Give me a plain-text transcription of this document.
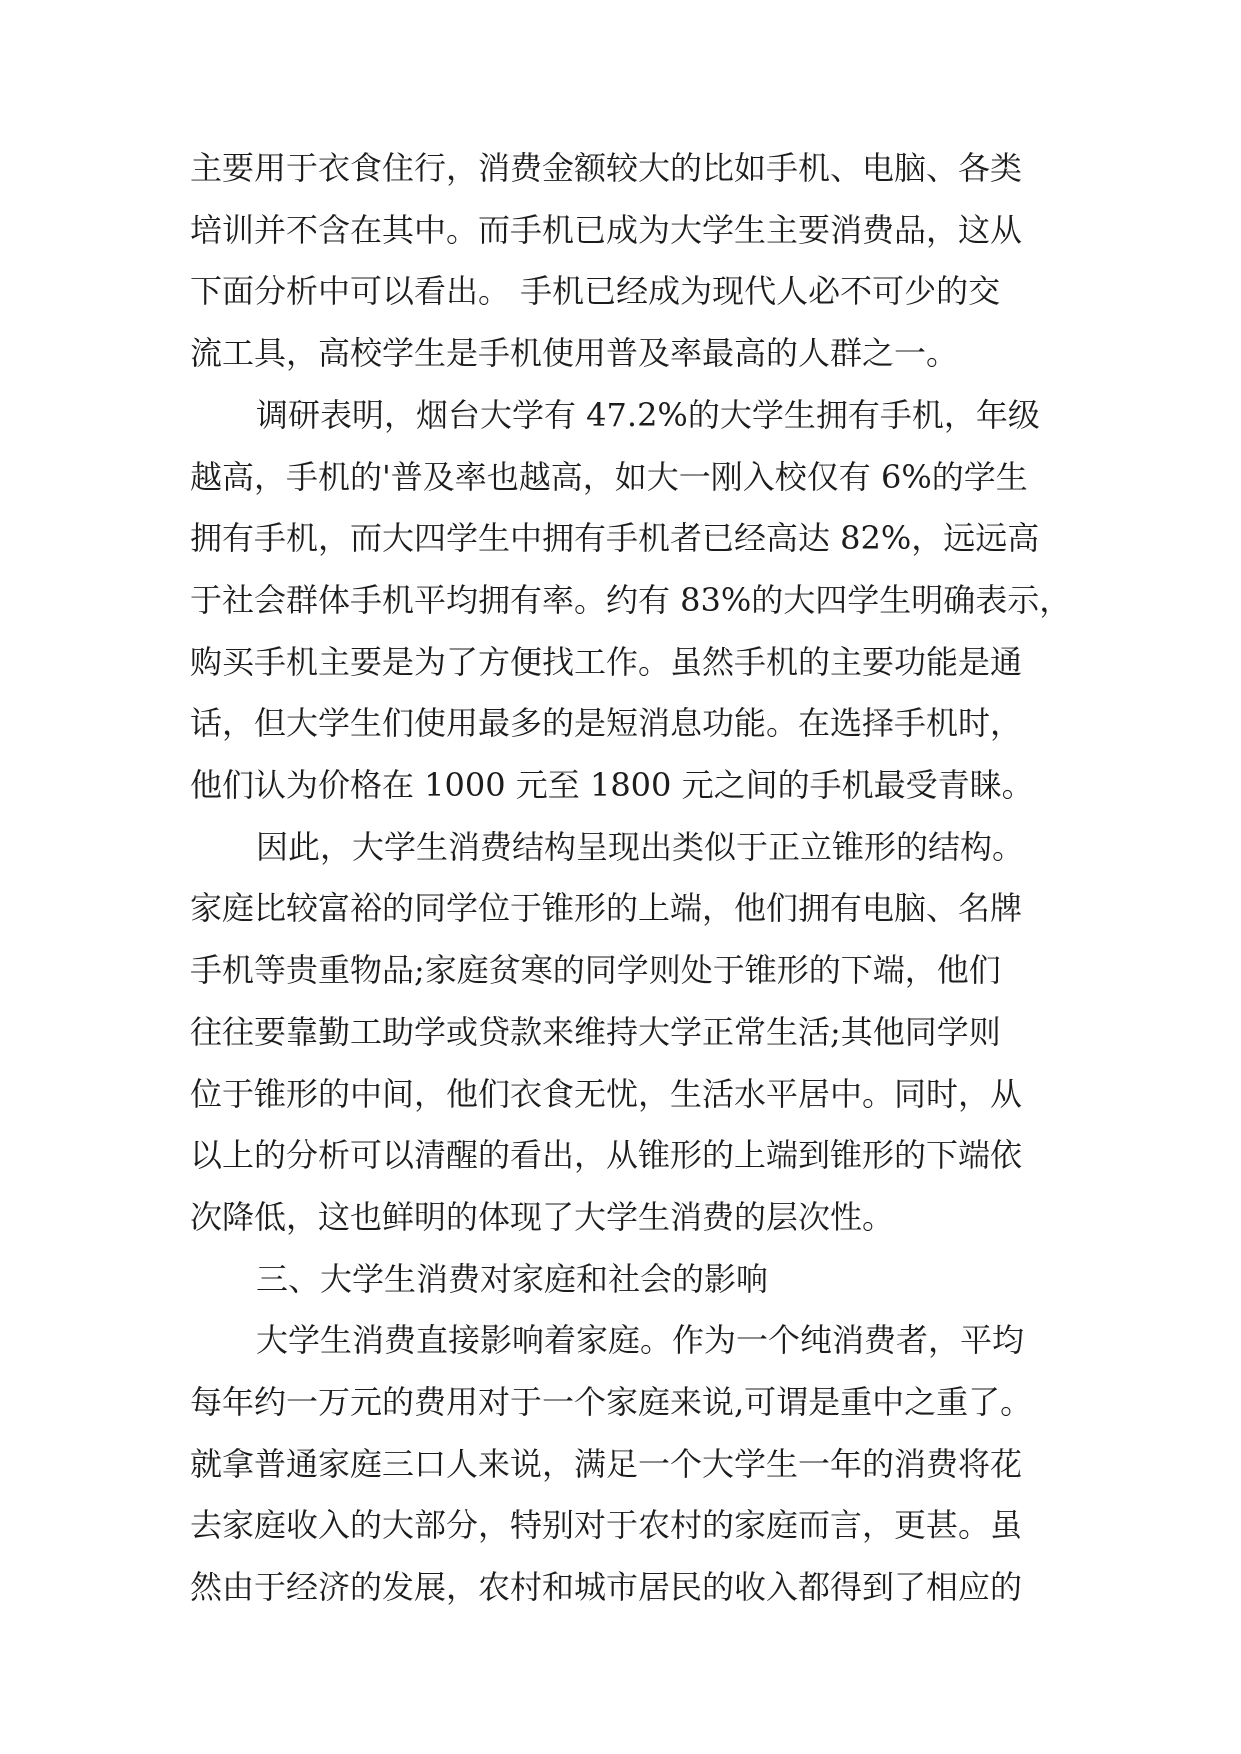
主要用于衣食住行，消费金额较大的比如手机、电脑、各类
培训并不含在其中。而手机已成为大学生主要消费品，这从
下面分析中可以看出。 手机已经成为现代人必不可少的交
流工具，高校学生是手机使用普及率最高的人群之一。
调研表明，烟台大学有 47.2%的大学生拥有手机，年级
越高，手机的'普及率也越高，如大一刚入校仅有 6%的学生
拥有手机，而大四学生中拥有手机者已经高达 82%，远远高
于社会群体手机平均拥有率。约有 83%的大四学生明确表示，
购买手机主要是为了方便找工作。虽然手机的主要功能是通
话，但大学生们使用最多的是短消息功能。在选择手机时，
他们认为价格在 1000 元至 1800 元之间的手机最受青睐。
因此，大学生消费结构呈现出类似于正立锥形的结构。
家庭比较富裕的同学位于锥形的上端，他们拥有电脑、名牌
手机等贵重物品;家庭贫寒的同学则处于锥形的下端，他们
往往要靠勤工助学或贷款来维持大学正常生活;其他同学则
位于锥形的中间，他们衣食无忧，生活水平居中。同时，从
以上的分析可以清醒的看出，从锥形的上端到锥形的下端依
次降低，这也鲜明的体现了大学生消费的层次性。
三、大学生消费对家庭和社会的影响
大学生消费直接影响着家庭。作为一个纯消费者，平均
每年约一万元的费用对于一个家庭来说,可谓是重中之重了。
就拿普通家庭三口人来说，满足一个大学生一年的消费将花
去家庭收入的大部分，特别对于农村的家庭而言，更甚。虽
然由于经济的发展，农村和城市居民的收入都得到了相应的
